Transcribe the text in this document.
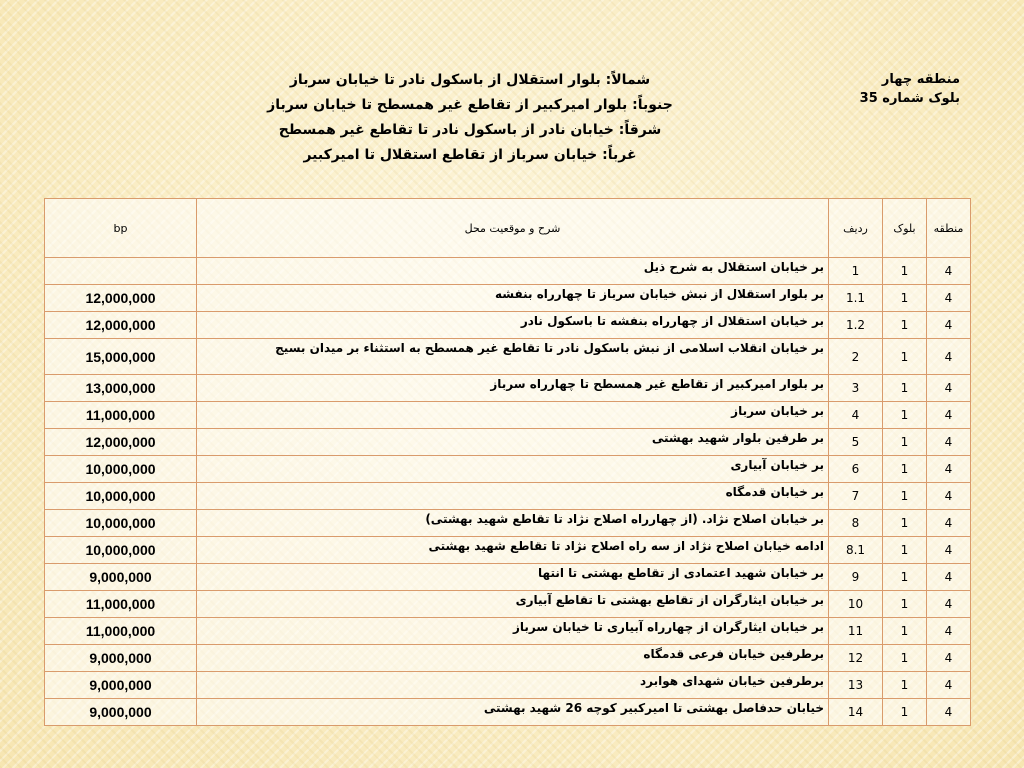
منطقه چهار
بلوک شماره 35
شمالاً: بلوار استقلال از باسکول نادر تا خیابان سرباز
جنوباً: بلوار امیرکبیر از تقاطع غیر همسطح تا خیابان سرباز
شرقاً: خیابان نادر از باسکول نادر تا تقاطع غیر همسطح
غرباً: خیابان سرباز از تقاطع استقلال تا امیرکبیر
منطقه	بلوک	ردیف	شرح و موقعیت محل	bp
4	1	1	بر خیابان استقلال به شرح ذیل	
4	1	1.1	بر بلوار استقلال از نبش خیابان سرباز تا چهارراه بنفشه	12,000,000
4	1	1.2	بر خیابان استقلال از چهارراه بنفشه تا باسکول نادر	12,000,000
4	1	2	بر خیابان انقلاب اسلامی از نبش باسکول نادر تا تقاطع غیر همسطح به استثناء بر میدان بسیج	15,000,000
4	1	3	بر بلوار امیرکبیر از تقاطع غیر همسطح تا چهارراه سرباز	13,000,000
4	1	4	بر خیابان سرباز	11,000,000
4	1	5	بر طرفین بلوار شهید بهشتی	12,000,000
4	1	6	بر خیابان آبیاری	10,000,000
4	1	7	بر خیابان قدمگاه	10,000,000
4	1	8	بر خیابان اصلاح نژاد. (از چهارراه اصلاح نژاد تا تقاطع شهید بهشتی)	10,000,000
4	1	8.1	ادامه خیابان اصلاح نژاد از سه راه اصلاح نژاد تا تقاطع شهید بهشتی	10,000,000
4	1	9	بر خیابان شهید اعتمادی از تقاطع بهشتی تا انتها	9,000,000
4	1	10	بر خیابان ایثارگران از تقاطع بهشتی تا تقاطع آبیاری	11,000,000
4	1	11	بر خیابان ایثارگران از چهارراه آبیاری تا خیابان سرباز	11,000,000
4	1	12	برطرفین خیابان فرعی قدمگاه	9,000,000
4	1	13	برطرفین خیابان شهدای هوابرد	9,000,000
4	1	14	خیابان حدفاصل بهشتی تا امیرکبیر کوچه 26 شهید بهشتی	9,000,000
